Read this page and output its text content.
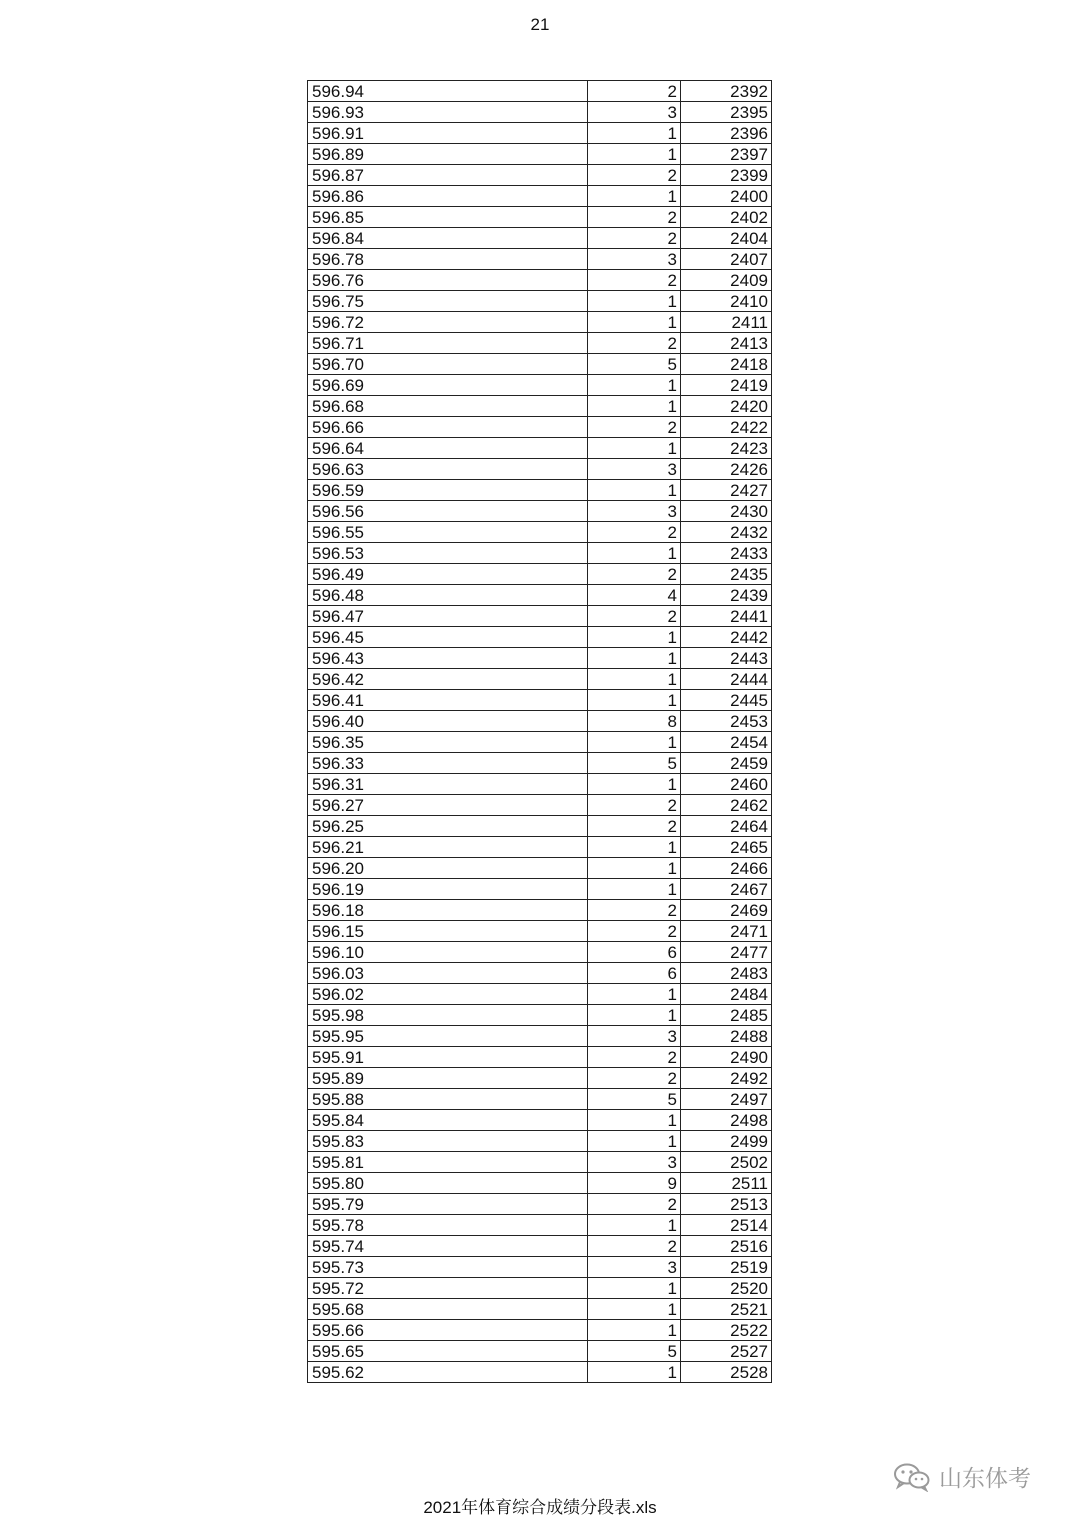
21
596.94	2	2392
596.93	3	2395
596.91	1	2396
596.89	1	2397
596.87	2	2399
596.86	1	2400
596.85	2	2402
596.84	2	2404
596.78	3	2407
596.76	2	2409
596.75	1	2410
596.72	1	2411
596.71	2	2413
596.70	5	2418
596.69	1	2419
596.68	1	2420
596.66	2	2422
596.64	1	2423
596.63	3	2426
596.59	1	2427
596.56	3	2430
596.55	2	2432
596.53	1	2433
596.49	2	2435
596.48	4	2439
596.47	2	2441
596.45	1	2442
596.43	1	2443
596.42	1	2444
596.41	1	2445
596.40	8	2453
596.35	1	2454
596.33	5	2459
596.31	1	2460
596.27	2	2462
596.25	2	2464
596.21	1	2465
596.20	1	2466
596.19	1	2467
596.18	2	2469
596.15	2	2471
596.10	6	2477
596.03	6	2483
596.02	1	2484
595.98	1	2485
595.95	3	2488
595.91	2	2490
595.89	2	2492
595.88	5	2497
595.84	1	2498
595.83	1	2499
595.81	3	2502
595.80	9	2511
595.79	2	2513
595.78	1	2514
595.74	2	2516
595.73	3	2519
595.72	1	2520
595.68	1	2521
595.66	1	2522
595.65	5	2527
595.62	1	2528
2021年体育综合成绩分段表.xls
山东体考
